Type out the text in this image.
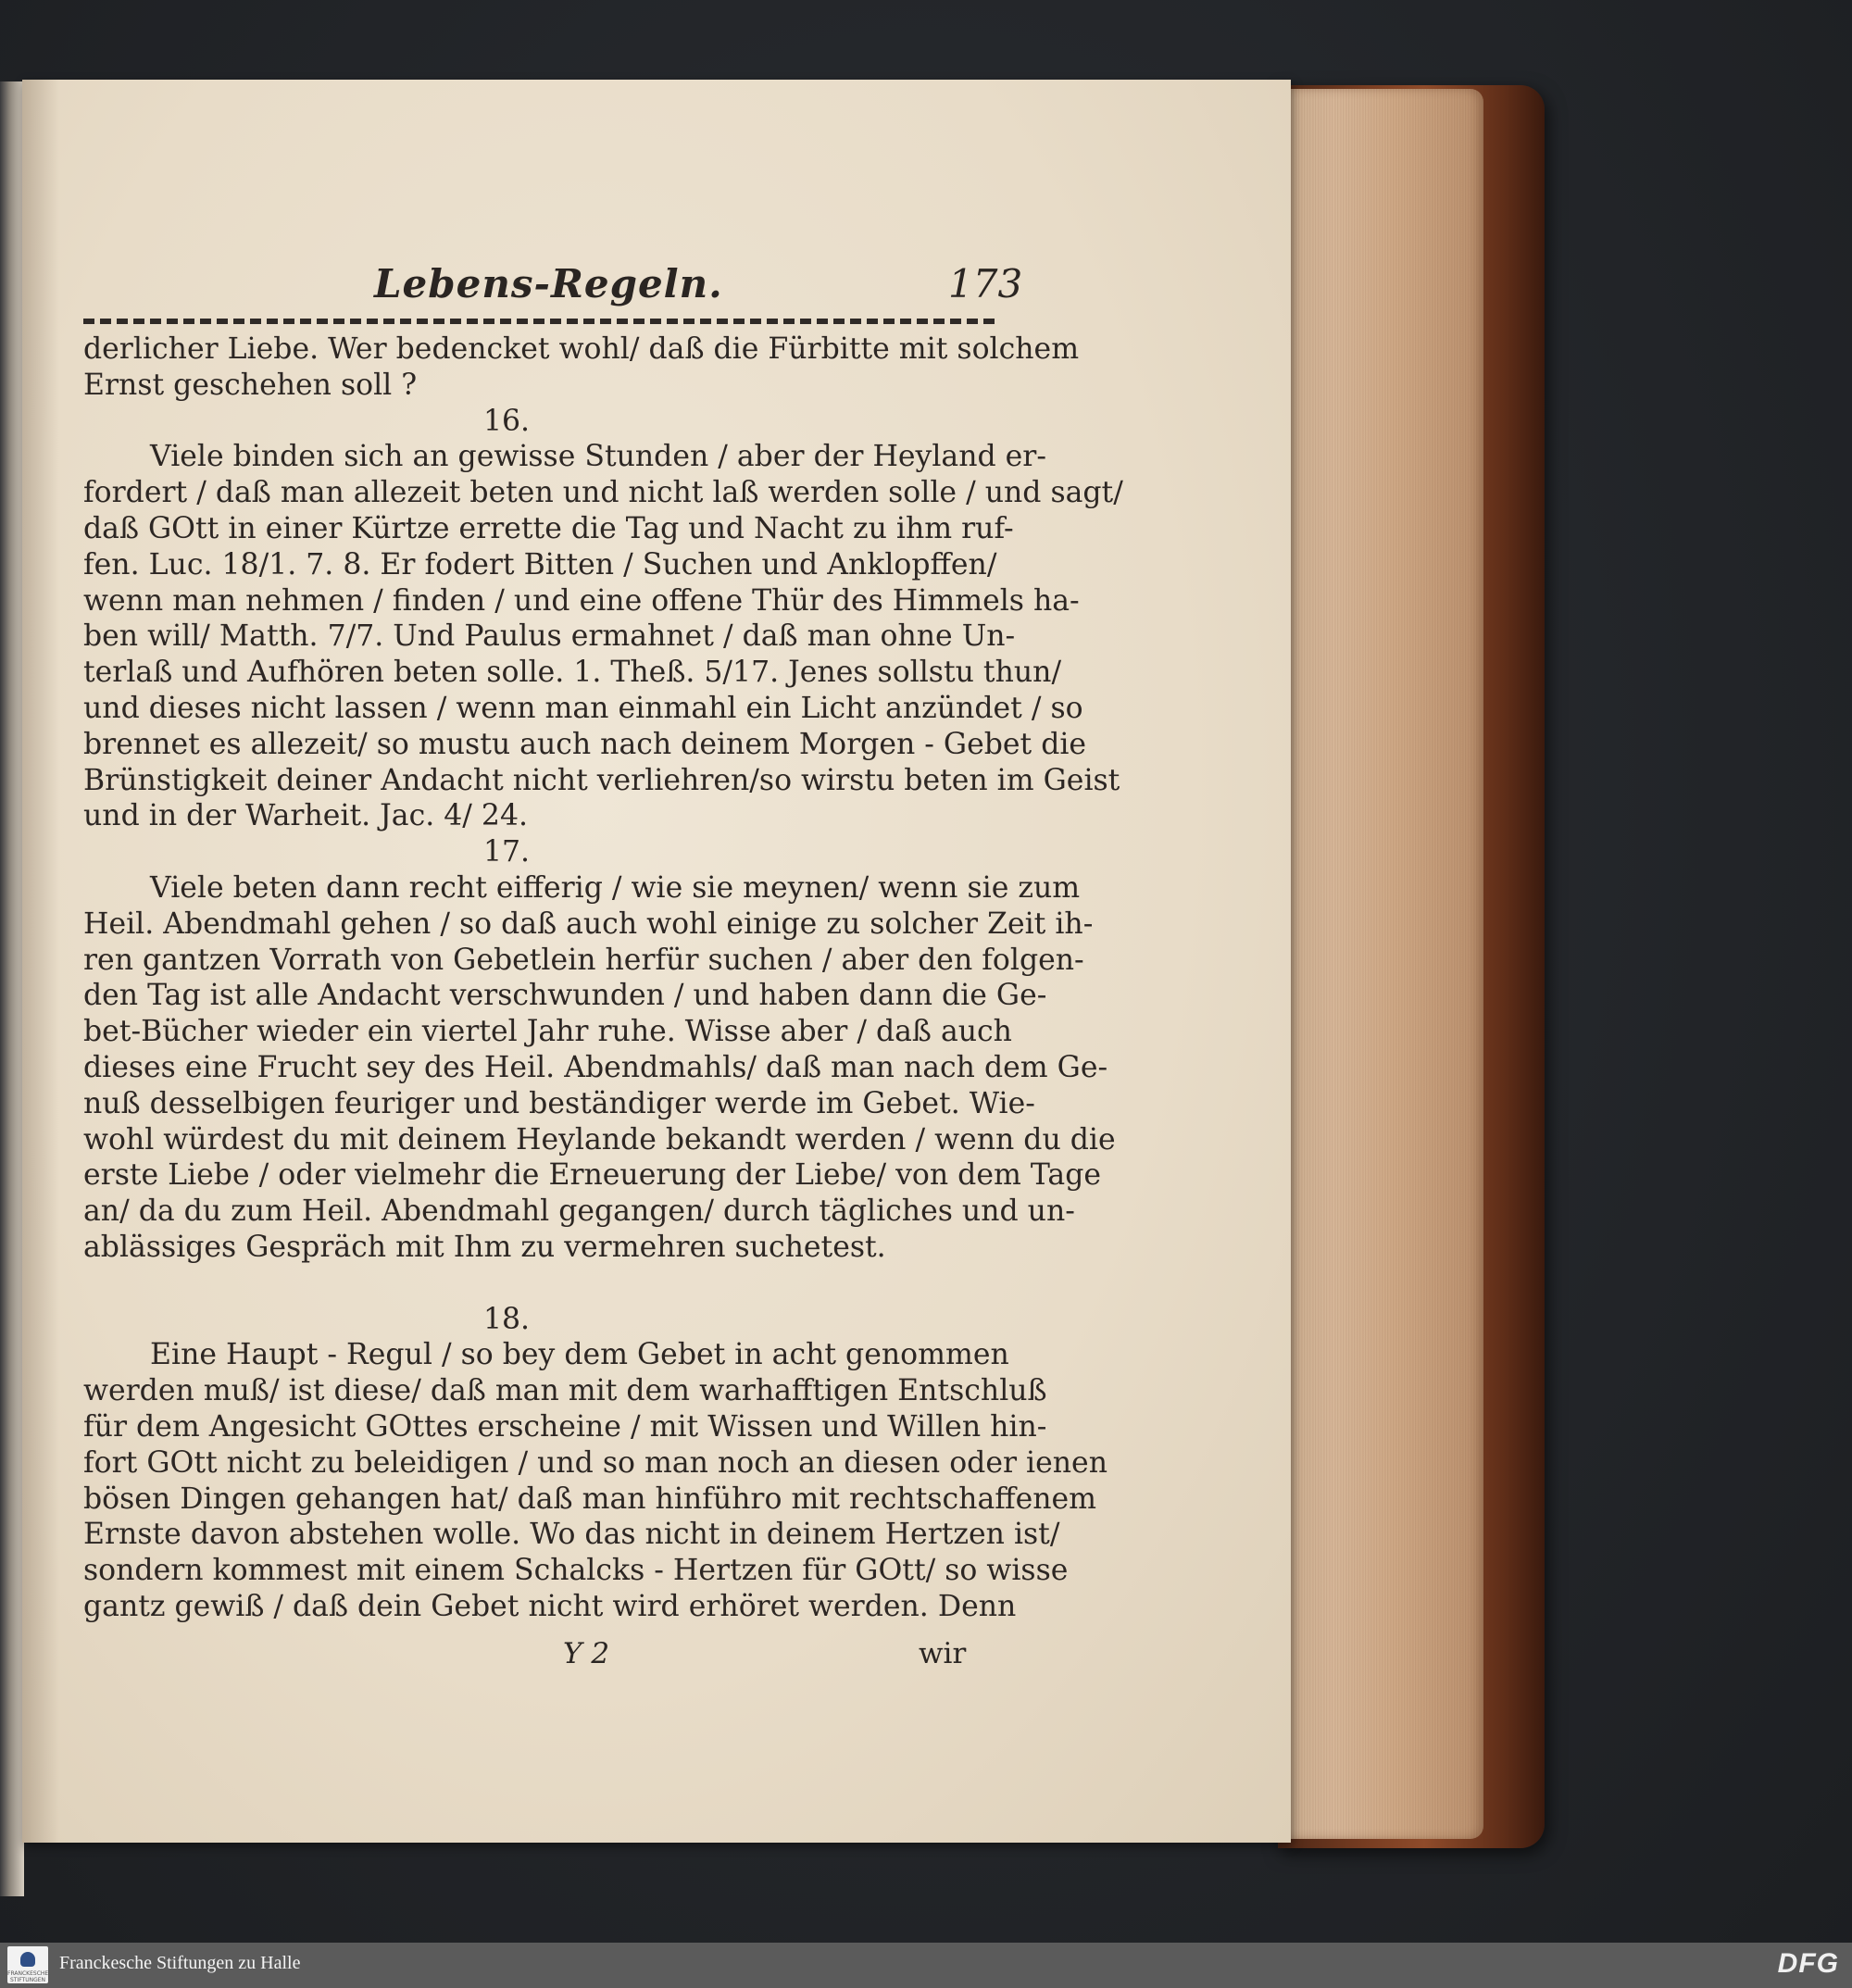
Lebens-Regeln.	173
derlicher Liebe. Wer bedencket wohl/ daß die Fürbitte mit solchem
Ernst geschehen soll ?
16.
Viele binden sich an gewisse Stunden / aber der Heyland er-
fordert / daß man allezeit beten und nicht laß werden solle / und sagt/
daß GOtt in einer Kürtze errette die Tag und Nacht zu ihm ruf-
fen. Luc. 18/1. 7. 8. Er fodert Bitten / Suchen und Anklopffen/
wenn man nehmen / finden / und eine offene Thür des Himmels ha-
ben will/ Matth. 7/7. Und Paulus ermahnet / daß man ohne Un-
terlaß und Aufhören beten solle. 1. Theß. 5/17. Jenes sollstu thun/
und dieses nicht lassen / wenn man einmahl ein Licht anzündet / so
brennet es allezeit/ so mustu auch nach deinem Morgen - Gebet die
Brünstigkeit deiner Andacht nicht verliehren/so wirstu beten im Geist
und in der Warheit. Jac. 4/ 24.
17.
Viele beten dann recht eifferig / wie sie meynen/ wenn sie zum
Heil. Abendmahl gehen / so daß auch wohl einige zu solcher Zeit ih-
ren gantzen Vorrath von Gebetlein herfür suchen / aber den folgen-
den Tag ist alle Andacht verschwunden / und haben dann die Ge-
bet-Bücher wieder ein viertel Jahr ruhe. Wisse aber / daß auch
dieses eine Frucht sey des Heil. Abendmahls/ daß man nach dem Ge-
nuß desselbigen feuriger und beständiger werde im Gebet. Wie-
wohl würdest du mit deinem Heylande bekandt werden / wenn du die
erste Liebe / oder vielmehr die Erneuerung der Liebe/ von dem Tage
an/ da du zum Heil. Abendmahl gegangen/ durch tägliches und un-
ablässiges Gespräch mit Ihm zu vermehren suchetest.
18.
Eine Haupt - Regul / so bey dem Gebet in acht genommen
werden muß/ ist diese/ daß man mit dem warhafftigen Entschluß
für dem Angesicht GOttes erscheine / mit Wissen und Willen hin-
fort GOtt nicht zu beleidigen / und so man noch an diesen oder ienen
bösen Dingen gehangen hat/ daß man hinführo mit rechtschaffenem
Ernste davon abstehen wolle. Wo das nicht in deinem Hertzen ist/
sondern kommest mit einem Schalcks - Hertzen für GOtt/ so wisse
gantz gewiß / daß dein Gebet nicht wird erhöret werden. Denn
Y 2	wir
FRANCKESCHE STIFTUNGEN
Franckesche Stiftungen zu Halle	DFG
